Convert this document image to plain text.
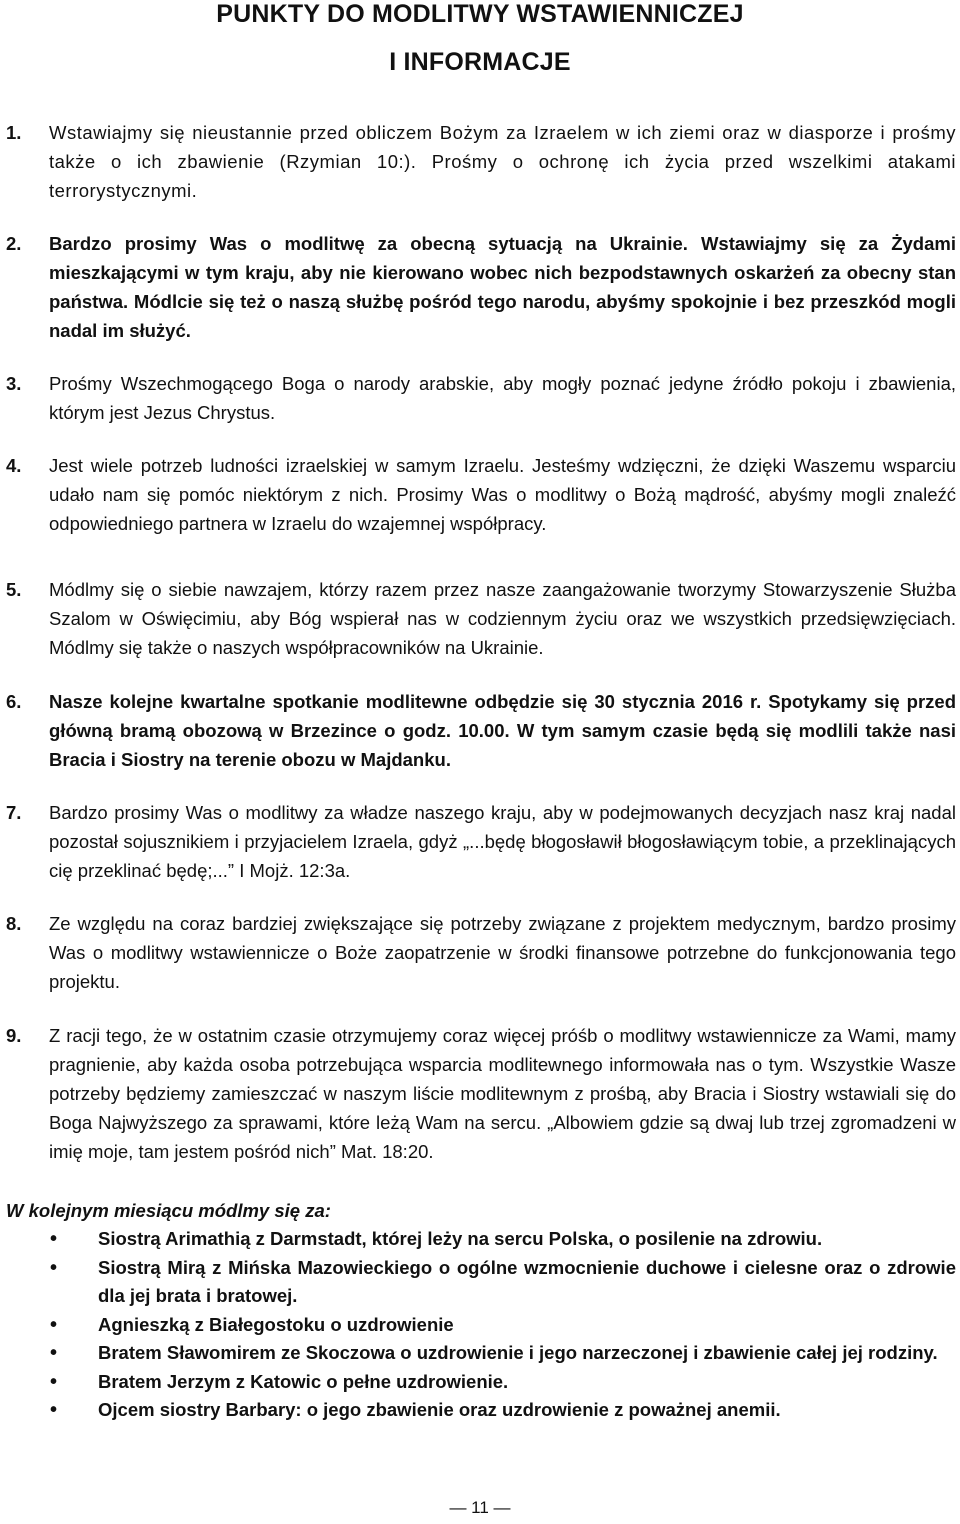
PUNKTY DO MODLITWY WSTAWIENNICZEJ
I INFORMACJE
1.	Wstawiajmy się nieustannie przed obliczem Bożym za Izraelem w ich ziemi oraz w diasporze i prośmy także o ich zbawienie (Rzymian 10:). Prośmy o ochronę ich życia przed wszelkimi atakami terrorystycznymi.
2.	Bardzo prosimy Was o modlitwę za obecną sytuacją na Ukrainie. Wstawiajmy się za Żydami mieszkającymi w tym kraju, aby nie kierowano wobec nich bezpodstawnych oskarżeń za obecny stan państwa. Módlcie się też o naszą służbę pośród tego narodu, abyśmy spokojnie i bez przeszkód mogli nadal im służyć.
3.	Prośmy Wszechmogącego Boga o narody arabskie, aby mogły poznać jedyne źródło pokoju i zbawienia, którym jest Jezus Chrystus.
4.	Jest wiele potrzeb ludności izraelskiej w samym Izraelu. Jesteśmy wdzięczni, że dzięki Waszemu wsparciu udało nam się pomóc niektórym z nich. Prosimy Was o modlitwy o Bożą mądrość, abyśmy mogli znaleźć odpowiedniego partnera w Izraelu do wzajemnej współpracy.
5.	Módlmy się o siebie nawzajem, którzy razem przez nasze zaangażowanie tworzymy Stowarzyszenie Służba Szalom w Oświęcimiu, aby Bóg wspierał nas w codziennym życiu oraz we wszystkich przedsięwzięciach. Módlmy się także o naszych współpracowników na Ukrainie.
6.	Nasze kolejne kwartalne spotkanie modlitewne odbędzie się 30 stycznia 2016 r. Spotykamy się przed główną bramą obozową w Brzezince o godz. 10.00. W tym samym czasie będą się modlili także nasi Bracia i Siostry na terenie obozu w Majdanku.
7.	Bardzo prosimy Was o modlitwy za władze naszego kraju, aby w podejmowanych decyzjach nasz kraj nadal pozostał sojusznikiem i przyjacielem Izraela, gdyż „...będę błogosławił błogosławiącym tobie, a przeklinających cię przeklinać będę;...” I Mojż. 12:3a.
8.	Ze względu na coraz bardziej zwiększające się potrzeby związane z projektem medycznym, bardzo prosimy Was o modlitwy wstawiennicze o Boże zaopatrzenie w środki finansowe potrzebne do funkcjonowania tego projektu.
9.	Z racji tego, że w ostatnim czasie otrzymujemy coraz więcej próśb o modlitwy wstawiennicze za Wami, mamy pragnienie, aby każda osoba potrzebująca wsparcia modlitewnego informowała nas o tym. Wszystkie Wasze potrzeby będziemy zamieszczać w naszym liście modlitewnym z prośbą, aby Bracia i Siostry wstawiali się do Boga Najwyższego za sprawami, które leżą Wam na sercu. „Albowiem gdzie są dwaj lub trzej zgromadzeni w imię moje, tam jestem pośród nich” Mat. 18:20.
W kolejnym miesiącu módlmy się za:
• Siostrą Arimathią z Darmstadt, której leży na sercu Polska, o posilenie na zdrowiu.
• Siostrą Mirą z Mińska Mazowieckiego o ogólne wzmocnienie duchowe i cielesne oraz o zdrowie dla jej brata i bratowej.
• Agnieszką z Białegostoku o uzdrowienie
• Bratem Sławomirem ze Skoczowa o uzdrowienie i jego narzeczonej i zbawienie całej jej rodziny.
• Bratem Jerzym z Katowic o pełne uzdrowienie.
• Ojcem siostry Barbary: o jego zbawienie oraz uzdrowienie z poważnej anemii.
— 11 —
